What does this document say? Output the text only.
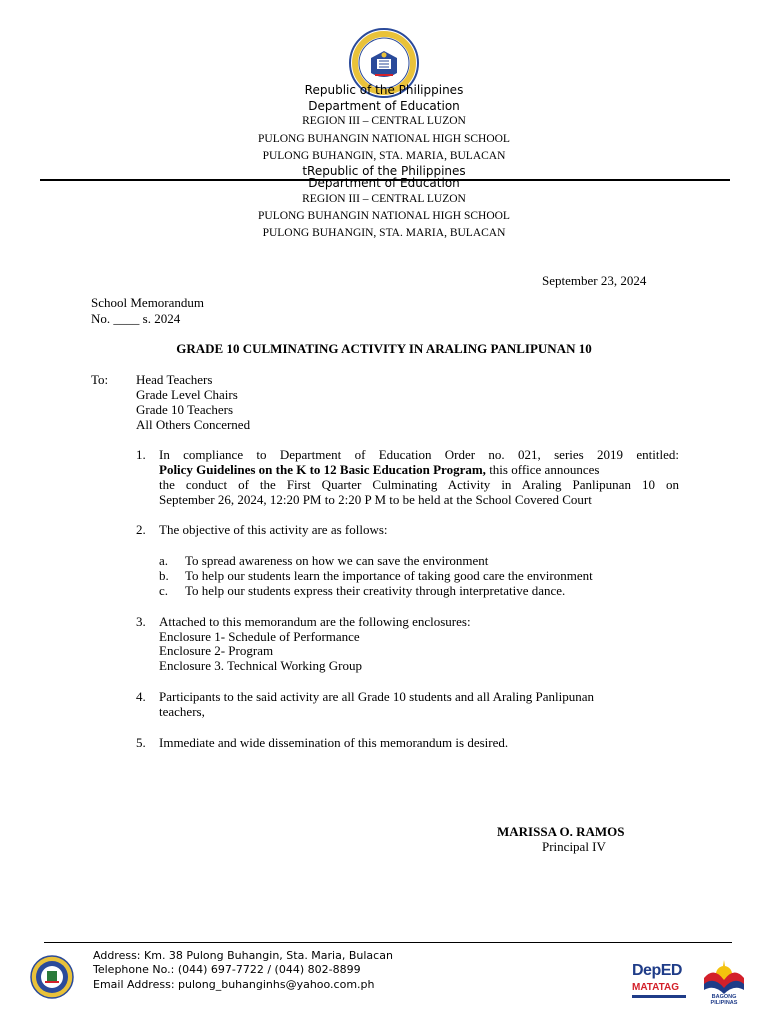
Republic of the Philippines
Department of Education
REGION III – CENTRAL LUZON
PULONG BUHANGIN NATIONAL HIGH SCHOOL
PULONG BUHANGIN, STA. MARIA, BULACAN
tRepublic of the Philippines
Department of Education
REGION III – CENTRAL LUZON
PULONG BUHANGIN NATIONAL HIGH SCHOOL
PULONG BUHANGIN, STA. MARIA, BULACAN
September 23, 2024
School Memorandum
No. ____ s. 2024
GRADE 10 CULMINATING ACTIVITY IN ARALING PANLIPUNAN 10
To: Head Teachers
Grade Level Chairs
Grade 10 Teachers
All Others Concerned
1. In compliance to Department of Education Order no. 021, series 2019 entitled:
Policy Guidelines on the K to 12 Basic Education Program, this office announces
the conduct of the First Quarter Culminating Activity in Araling Panlipunan 10 on
September 26, 2024, 12:20 PM to 2:20 P M to be held at the School Covered Court
2. The objective of this activity are as follows:
a. To spread awareness on how we can save the environment
b. To help our students learn the importance of taking good care the environment
c. To help our students express their creativity through interpretative dance.
3. Attached to this memorandum are the following enclosures:
Enclosure 1- Schedule of Performance
Enclosure 2- Program
Enclosure 3. Technical Working Group
4. Participants to the said activity are all Grade 10 students and all Araling Panlipunan
teachers,
5. Immediate and wide dissemination of this memorandum is desired.
MARISSA O. RAMOS
Principal IV
Address: Km. 38 Pulong Buhangin, Sta. Maria, Bulacan
Telephone No.: (044) 697-7722 / (044) 802-8899
Email Address: pulong_buhanginhs@yahoo.com.ph
DepED
MATATAG
BAGONG PILIPINAS
